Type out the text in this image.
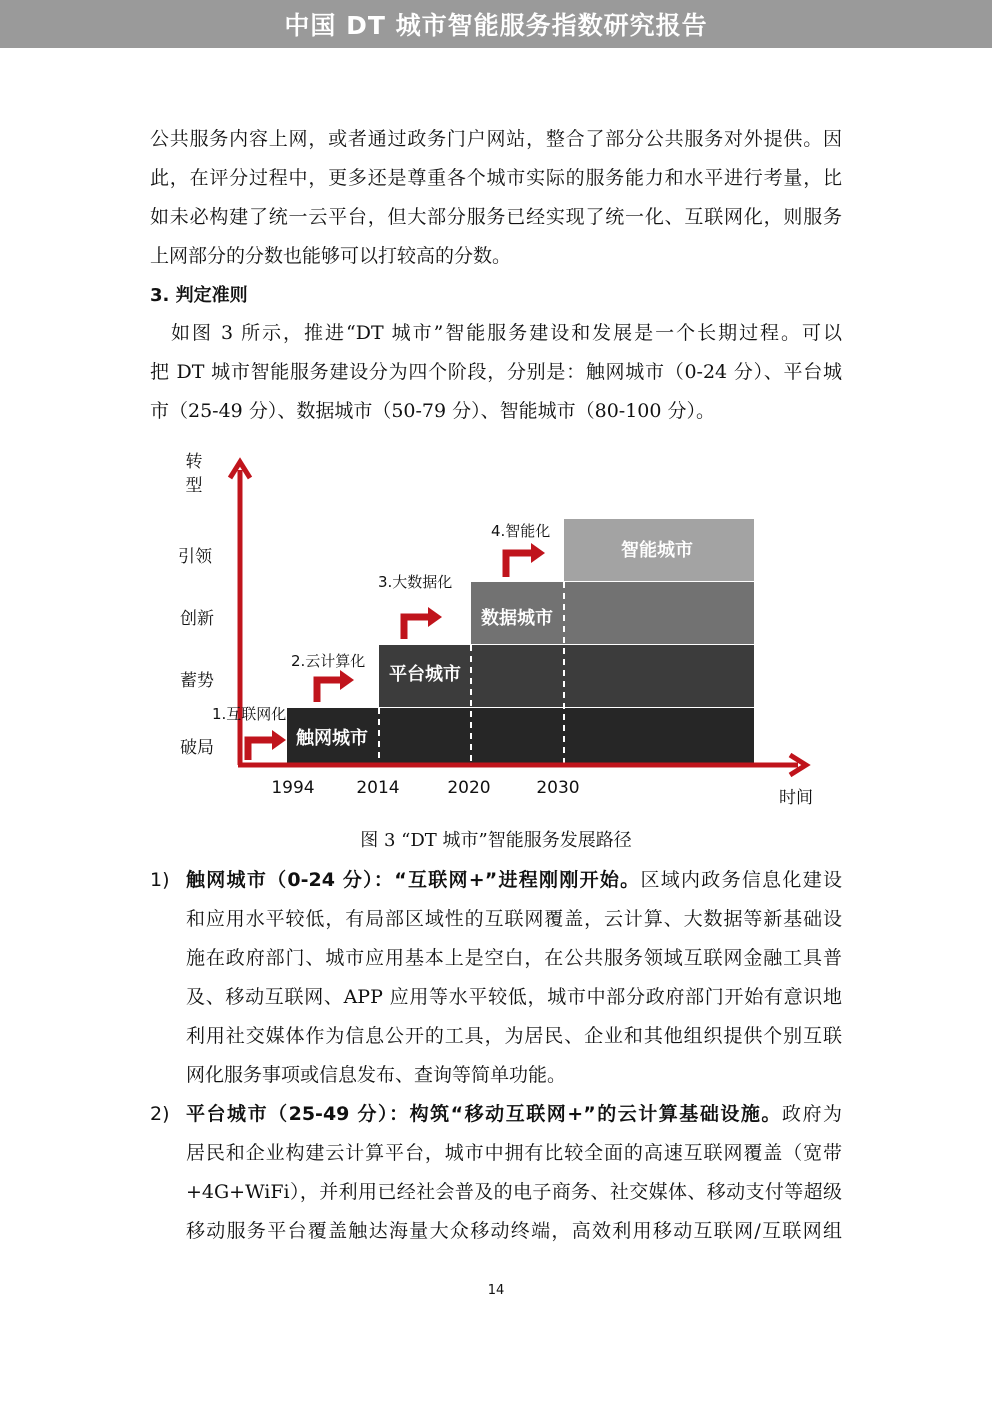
中国 DT 城市智能服务指数研究报告
公共服务内容上网，或者通过政务门户网站，整合了部分公共服务对外提供。因
此，在评分过程中，更多还是尊重各个城市实际的服务能力和水平进行考量，比
如未必构建了统一云平台，但大部分服务已经实现了统一化、互联网化，则服务
上网部分的分数也能够可以打较高的分数。
3. 判定准则
　如图 3 所示，推进“DT 城市”智能服务建设和发展是一个长期过程。可以
把 DT 城市智能服务建设分为四个阶段，分别是：触网城市（0-24 分）、平台城
市（25-49 分）、数据城市（50-79 分）、智能城市（80-100 分）。
转
型
引领
创新
蓄势
破局
1.互联网化
2.云计算化
3.大数据化
4.智能化
触网城市
平台城市
数据城市
智能城市
1994 2014	2020	2030	时间
图 3 “DT 城市”智能服务发展路径
1) 触网城市（0-24 分）：“互联网+”进程刚刚开始。区域内政务信息化建设
和应用水平较低，有局部区域性的互联网覆盖，云计算、大数据等新基础设
施在政府部门、城市应用基本上是空白，在公共服务领域互联网金融工具普
及、移动互联网、APP 应用等水平较低，城市中部分政府部门开始有意识地
利用社交媒体作为信息公开的工具，为居民、企业和其他组织提供个别互联
网化服务事项或信息发布、查询等简单功能。
2) 平台城市（25-49 分）：构筑“移动互联网+”的云计算基础设施。政府为
居民和企业构建云计算平台，城市中拥有比较全面的高速互联网覆盖（宽带
+4G+WiFi），并利用已经社会普及的电子商务、社交媒体、移动支付等超级
移动服务平台覆盖触达海量大众移动终端，高效利用移动互联网/互联网组
14
